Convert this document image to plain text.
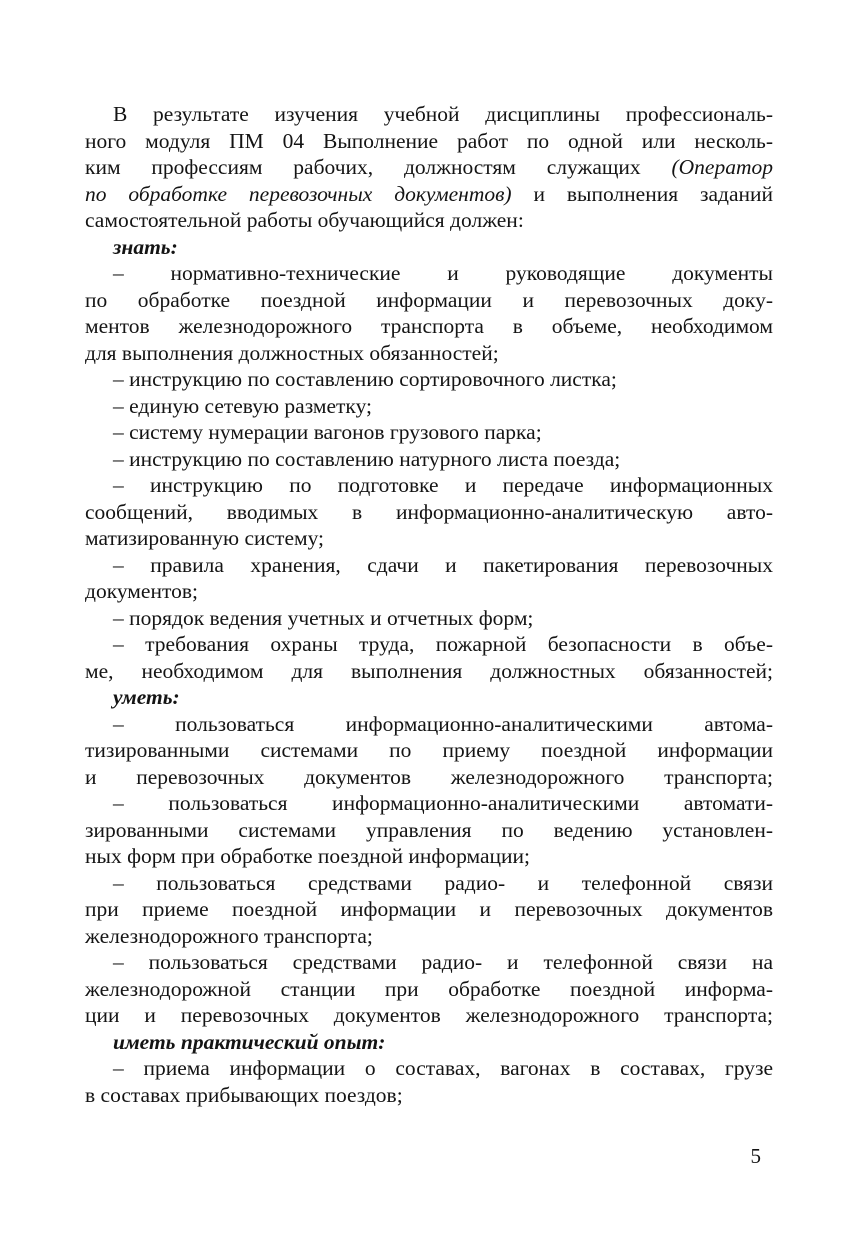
В результате изучения учебной дисциплины профессиональ-
ного модуля ПМ 04 Выполнение работ по одной или несколь-
ким профессиям рабочих, должностям служащих (Оператор
по обработке перевозочных документов) и выполнения заданий
самостоятельной работы обучающийся должен:
знать:
– нормативно-технические и руководящие документы
по обработке поездной информации и перевозочных доку-
ментов железнодорожного транспорта в объеме, необходимом
для выполнения должностных обязанностей;
– инструкцию по составлению сортировочного листка;
– единую сетевую разметку;
– систему нумерации вагонов грузового парка;
– инструкцию по составлению натурного листа поезда;
– инструкцию по подготовке и передаче информационных
сообщений, вводимых в информационно-аналитическую авто-
матизированную систему;
– правила хранения, сдачи и пакетирования перевозочных
документов;
– порядок ведения учетных и отчетных форм;
– требования охраны труда, пожарной безопасности в объе-
ме, необходимом для выполнения должностных обязанностей;
уметь:
– пользоваться информационно-аналитическими автома-
тизированными системами по приему поездной информации
и перевозочных документов железнодорожного транспорта;
– пользоваться информационно-аналитическими автомати-
зированными системами управления по ведению установлен-
ных форм при обработке поездной информации;
– пользоваться средствами радио- и телефонной связи
при приеме поездной информации и перевозочных документов
железнодорожного транспорта;
– пользоваться средствами радио- и телефонной связи на
железнодорожной станции при обработке поездной информа-
ции и перевозочных документов железнодорожного транспорта;
иметь практический опыт:
– приема информации о составах, вагонах в составах, грузе
в составах прибывающих поездов;
5
